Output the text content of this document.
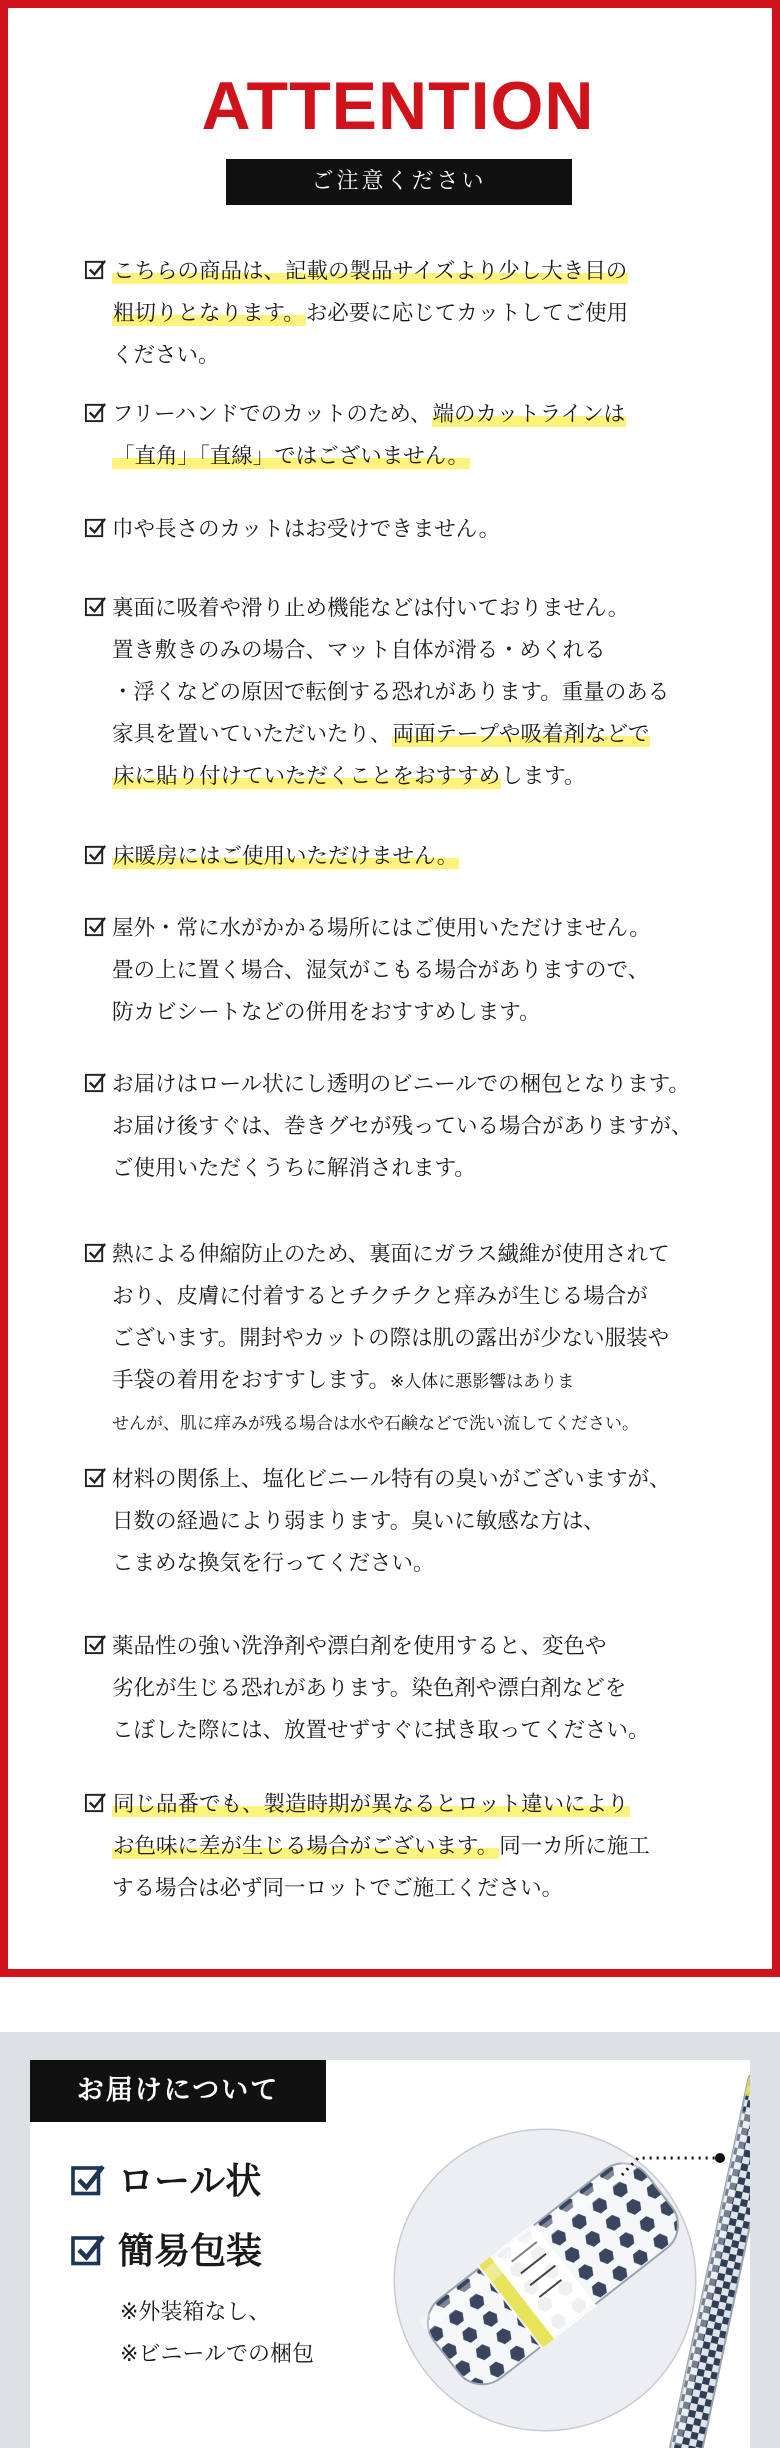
ATTENTION
ご注意ください
こちらの商品は、記載の製品サイズより少し大き目の
粗切りとなります。お必要に応じてカットしてご使用
ください。
フリーハンドでのカットのため、端のカットラインは
「直角」「直線」ではございません。
巾や長さのカットはお受けできません。
裏面に吸着や滑り止め機能などは付いておりません。
置き敷きのみの場合、マット自体が滑る・めくれる
・浮くなどの原因で転倒する恐れがあります。重量のある
家具を置いていただいたり、両面テープや吸着剤などで
床に貼り付けていただくことをおすすめします。
床暖房にはご使用いただけません。
屋外・常に水がかかる場所にはご使用いただけません。
畳の上に置く場合、湿気がこもる場合がありますので、
防カビシートなどの併用をおすすめします。
お届けはロール状にし透明のビニールでの梱包となります。
お届け後すぐは、巻きグセが残っている場合がありますが、
ご使用いただくうちに解消されます。
熱による伸縮防止のため、裏面にガラス繊維が使用されて
おり、皮膚に付着するとチクチクと痒みが生じる場合が
ございます。開封やカットの際は肌の露出が少ない服装や
手袋の着用をおすすします。※人体に悪影響はありま
せんが、肌に痒みが残る場合は水や石鹸などで洗い流してください。
材料の関係上、塩化ビニール特有の臭いがございますが、
日数の経過により弱まります。臭いに敏感な方は、
こまめな換気を行ってください。
薬品性の強い洗浄剤や漂白剤を使用すると、変色や
劣化が生じる恐れがあります。染色剤や漂白剤などを
こぼした際には、放置せずすぐに拭き取ってください。
同じ品番でも、製造時期が異なるとロット違いにより
お色味に差が生じる場合がございます。同一カ所に施工
する場合は必ず同一ロットでご施工ください。
お届けについて
ロール状
簡易包装
※外装箱なし、
※ビニールでの梱包
